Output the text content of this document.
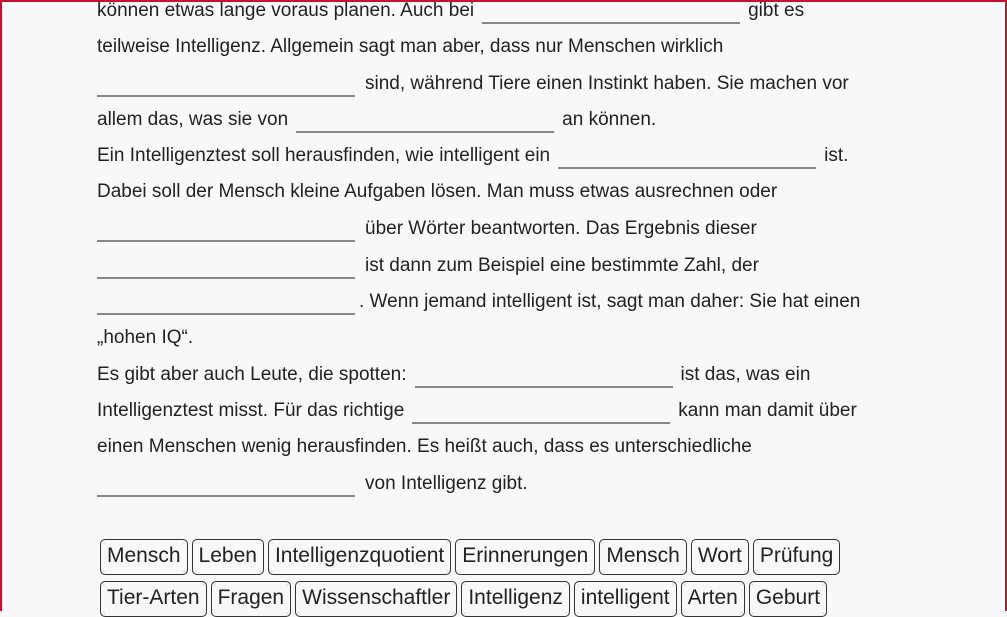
können etwas lange voraus planen. Auch bei	gibt es
teilweise Intelligenz. Allgemein sagt man aber, dass nur Menschen wirklich
sind, während Tiere einen Instinkt haben. Sie machen vor
allem das, was sie von	an können.
Ein Intelligenztest soll herausfinden, wie intelligent ein	ist.
Dabei soll der Mensch kleine Aufgaben lösen. Man muss etwas ausrechnen oder
über Wörter beantworten. Das Ergebnis dieser
ist dann zum Beispiel eine bestimmte Zahl, der
. Wenn jemand intelligent ist, sagt man daher: Sie hat einen
„hohen IQ“.
Es gibt aber auch Leute, die spotten:	ist das, was ein
Intelligenztest misst. Für das richtige	kann man damit über
einen Menschen wenig herausfinden. Es heißt auch, dass es unterschiedliche
von Intelligenz gibt.
Mensch Leben Intelligenzquotient Erinnerungen Mensch Wort Prüfung
Tier-Arten Fragen Wissenschaftler Intelligenz intelligent Arten Geburt
